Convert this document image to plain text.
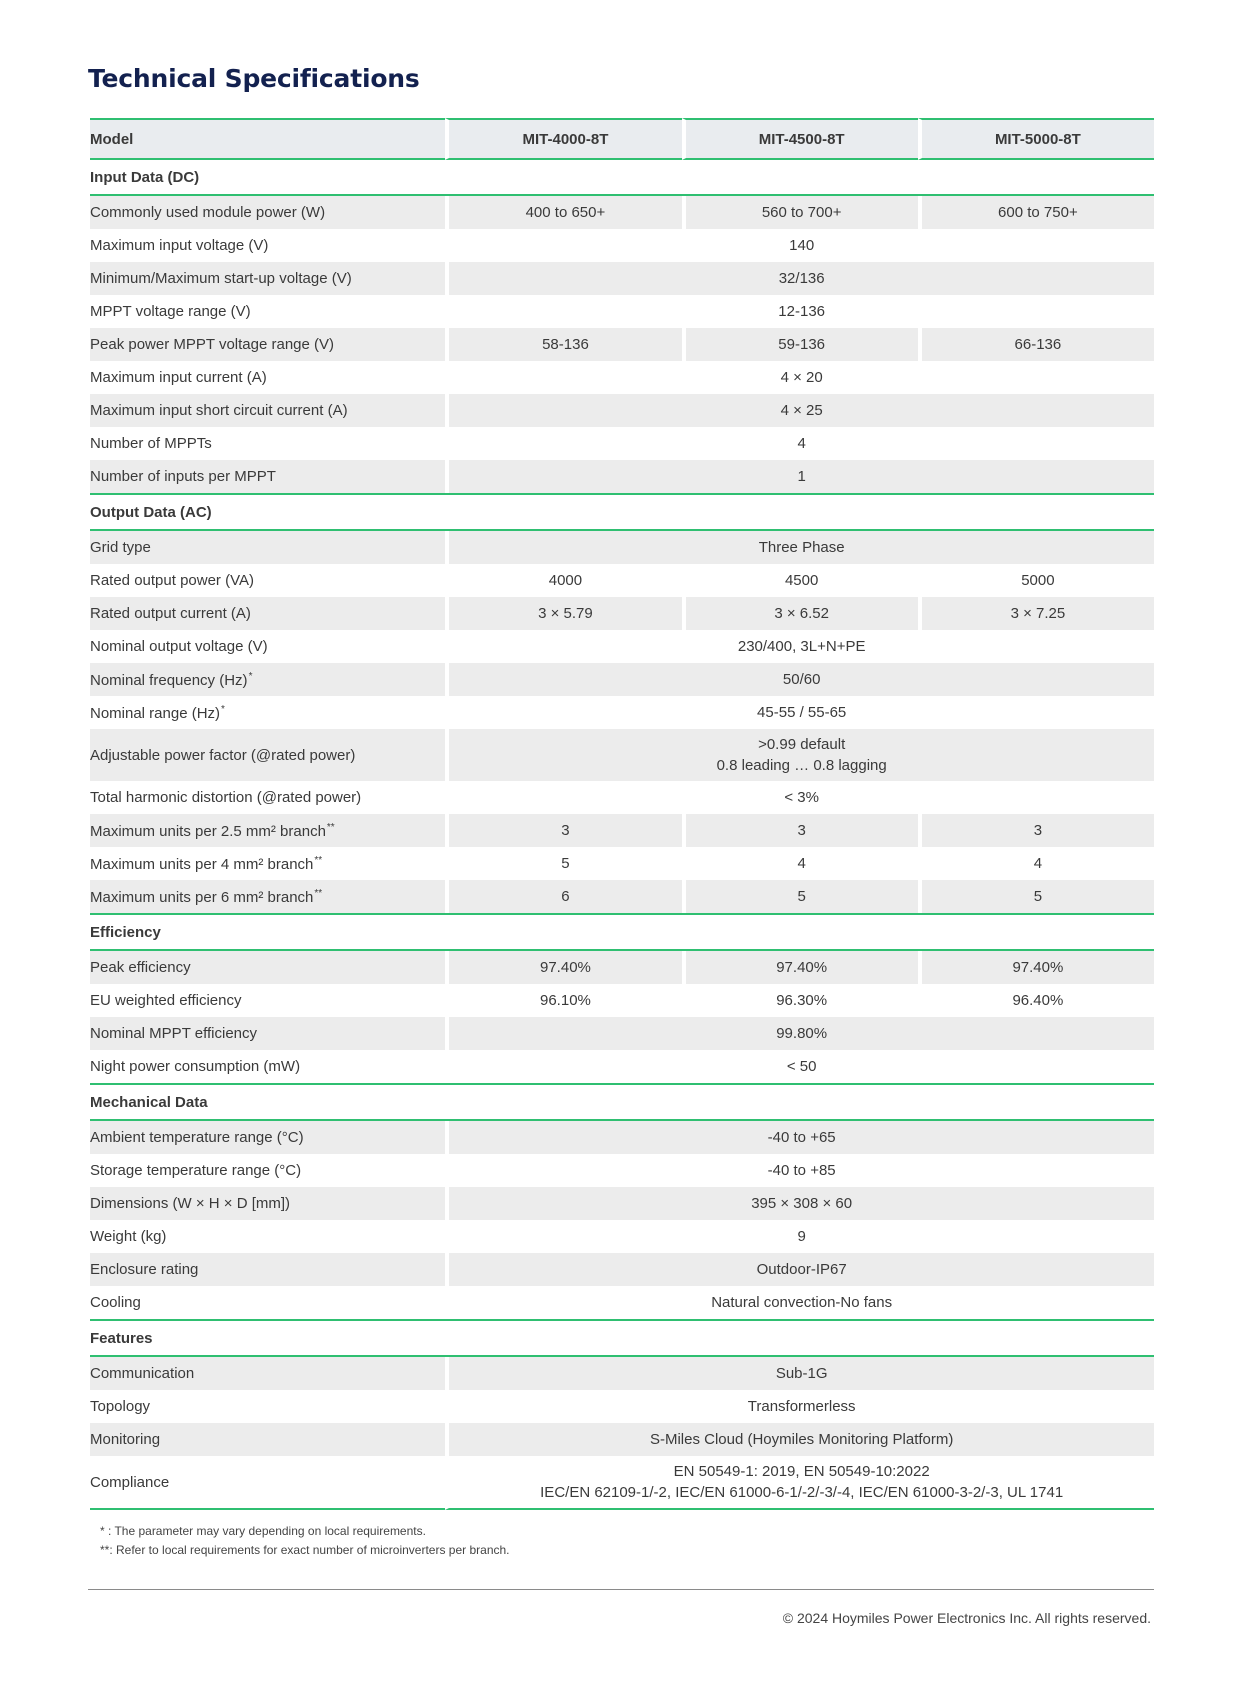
Technical Specifications
Model	MIT-4000-8T	MIT-4500-8T	MIT-5000-8T
Input Data (DC)			
Commonly used module power (W)	400 to 650+	560 to 700+	600 to 750+
Maximum input voltage (V)	140		
Minimum/Maximum start-up voltage (V)	32/136		
MPPT voltage range (V)	12-136		
Peak power MPPT voltage range (V)	58-136	59-136	66-136
Maximum input current (A)	4 × 20		
Maximum input short circuit current (A)	4 × 25		
Number of MPPTs	4		
Number of inputs per MPPT	1		
Output Data (AC)			
Grid type	Three Phase		
Rated output power (VA)	4000	4500	5000
Rated output current (A)	3 × 5.79	3 × 6.52	3 × 7.25
Nominal output voltage (V)	230/400, 3L+N+PE		
Nominal frequency (Hz)*	50/60		
Nominal range (Hz)*	45-55 / 55-65		
Adjustable power factor (@rated power)	>0.99 default
0.8 leading … 0.8 lagging		
Total harmonic distortion (@rated power)	< 3%		
Maximum units per 2.5 mm² branch**	3	3	3
Maximum units per 4 mm² branch**	5	4	4
Maximum units per 6 mm² branch**	6	5	5
Efficiency			
Peak efficiency	97.40%	97.40%	97.40%
EU weighted efficiency	96.10%	96.30%	96.40%
Nominal MPPT efficiency	99.80%		
Night power consumption (mW)	< 50		
Mechanical Data			
Ambient temperature range (°C)	-40 to +65		
Storage temperature range (°C)	-40 to +85		
Dimensions (W × H × D [mm])	395 × 308 × 60		
Weight (kg)	9		
Enclosure rating	Outdoor-IP67		
Cooling	Natural convection-No fans		
Features			
Communication	Sub-1G		
Topology	Transformerless		
Monitoring	S-Miles Cloud (Hoymiles Monitoring Platform)		
Compliance	EN 50549-1: 2019, EN 50549-10:2022
IEC/EN 62109-1/-2, IEC/EN 61000-6-1/-2/-3/-4, IEC/EN 61000-3-2/-3, UL 1741		
* : The parameter may vary depending on local requirements.
**: Refer to local requirements for exact number of microinverters per branch.
© 2024 Hoymiles Power Electronics Inc. All rights reserved.
